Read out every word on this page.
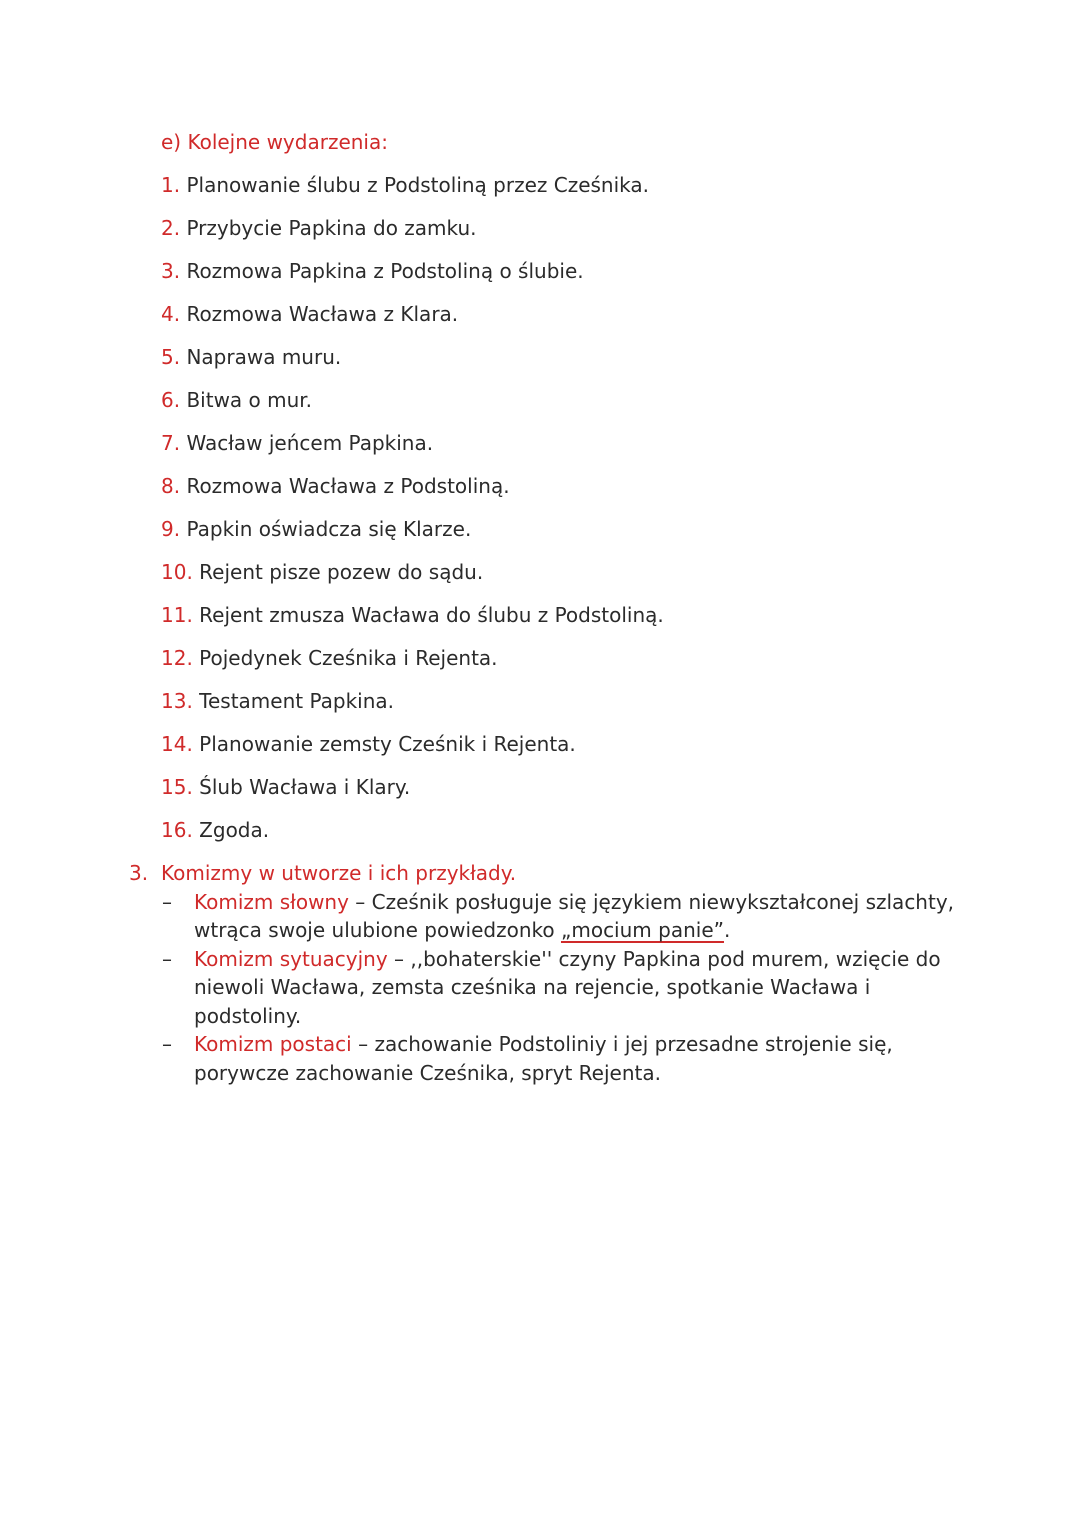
e) Kolejne wydarzenia:
1. Planowanie ślubu z Podstoliną przez Cześnika.
2. Przybycie Papkina do zamku.
3. Rozmowa Papkina z Podstoliną o ślubie.
4. Rozmowa Wacława z Klara.
5. Naprawa muru.
6. Bitwa o mur.
7. Wacław jeńcem Papkina.
8. Rozmowa Wacława z Podstoliną.
9. Papkin oświadcza się Klarze.
10. Rejent pisze pozew do sądu.
11. Rejent zmusza Wacława do ślubu z Podstoliną.
12. Pojedynek Cześnika i Rejenta.
13. Testament Papkina.
14. Planowanie zemsty Cześnik i Rejenta.
15. Ślub Wacława i Klary.
16. Zgoda.
3. Komizmy w utworze i ich przykłady.
– Komizm słowny – Cześnik posługuje się językiem niewykształconej szlachty, wtrąca swoje ulubione powiedzonko „mocium panie”.
– Komizm sytuacyjny – ,,bohaterskie'' czyny Papkina pod murem, wzięcie do niewoli Wacława, zemsta cześnika na rejencie, spotkanie Wacława i podstoliny.
– Komizm postaci – zachowanie Podstoliniy i jej przesadne strojenie się, porywcze zachowanie Cześnika, spryt Rejenta.
